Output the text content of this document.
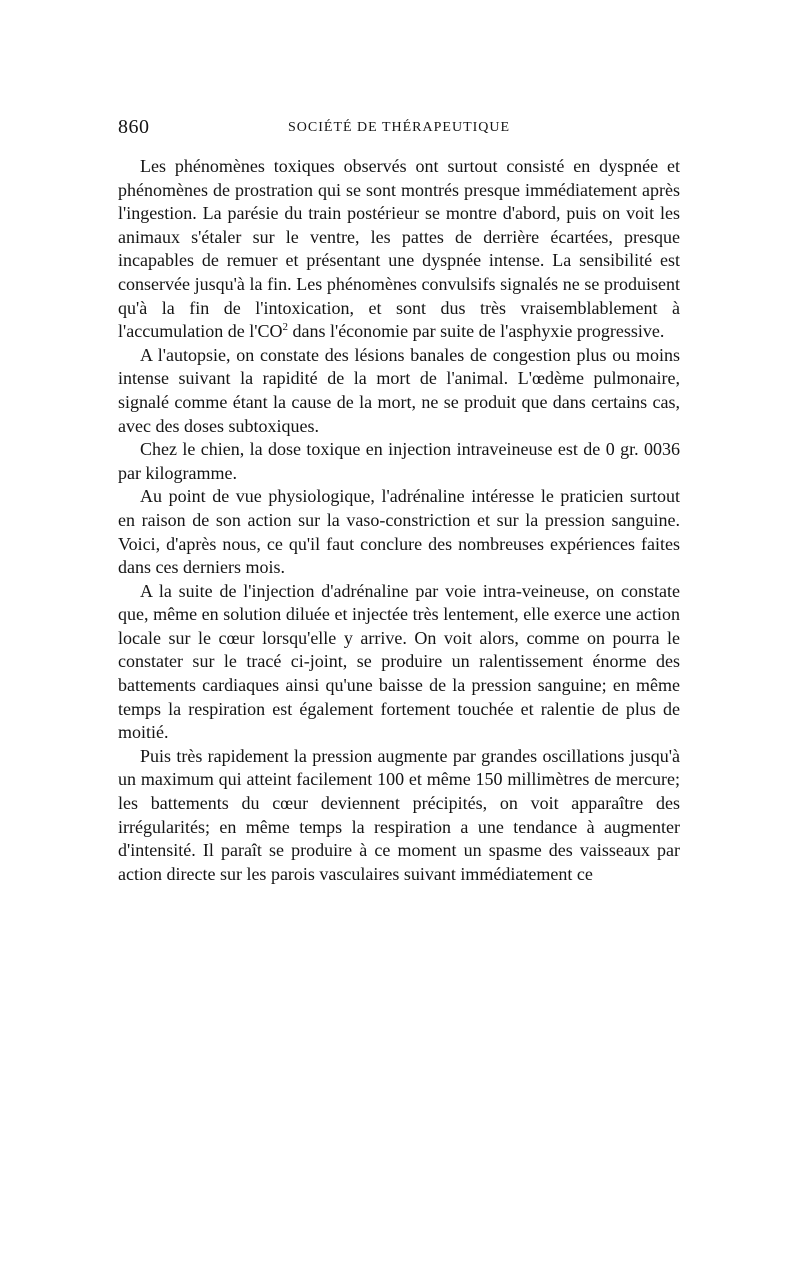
860	SOCIÉTÉ DE THÉRAPEUTIQUE

Les phénomènes toxiques observés ont surtout consisté en dyspnée et phénomènes de prostration qui se sont montrés presque immédiatement après l'ingestion. La parésie du train postérieur se montre d'abord, puis on voit les animaux s'étaler sur le ventre, les pattes de derrière écartées, presque incapables de remuer et présentant une dyspnée intense. La sensibilité est conservée jusqu'à la fin. Les phénomènes convulsifs signalés ne se produisent qu'à la fin de l'intoxication, et sont dus très vraisemblablement à l'accumulation de $l'CO^2$ dans l'économie par suite de l'asphyxie progressive.

A l'autopsie, on constate des lésions banales de congestion plus ou moins intense suivant la rapidité de la mort de l'animal. L'œdème pulmonaire, signalé comme étant la cause de la mort, ne se produit que dans certains cas, avec des doses subtoxiques.

Chez le chien, la dose toxique en injection intraveineuse est de 0 gr. 0036 par kilogramme.

Au point de vue physiologique, l'adrénaline intéresse le praticien surtout en raison de son action sur la vaso-constriction et sur la pression sanguine. Voici, d'après nous, ce qu'il faut conclure des nombreuses expériences faites dans ces derniers mois.

A la suite de l'injection d'adrénaline par voie intra-veineuse, on constate que, même en solution diluée et injectée très lentement, elle exerce une action locale sur le cœur lorsqu'elle y arrive. On voit alors, comme on pourra le constater sur le tracé ci-joint, se produire un ralentissement énorme des battements cardiaques ainsi qu'une baisse de la pression sanguine; en même temps la respiration est également fortement touchée et ralentie de plus de moitié.

Puis très rapidement la pression augmente par grandes oscillations jusqu'à un maximum qui atteint facilement 100 et même 150 millimètres de mercure; les battements du cœur deviennent précipités, on voit apparaître des irrégularités; en même temps la respiration a une tendance à augmenter d'intensité. Il paraît se produire à ce moment un spasme des vaisseaux par action directe sur les parois vasculaires suivant immédiatement ce
